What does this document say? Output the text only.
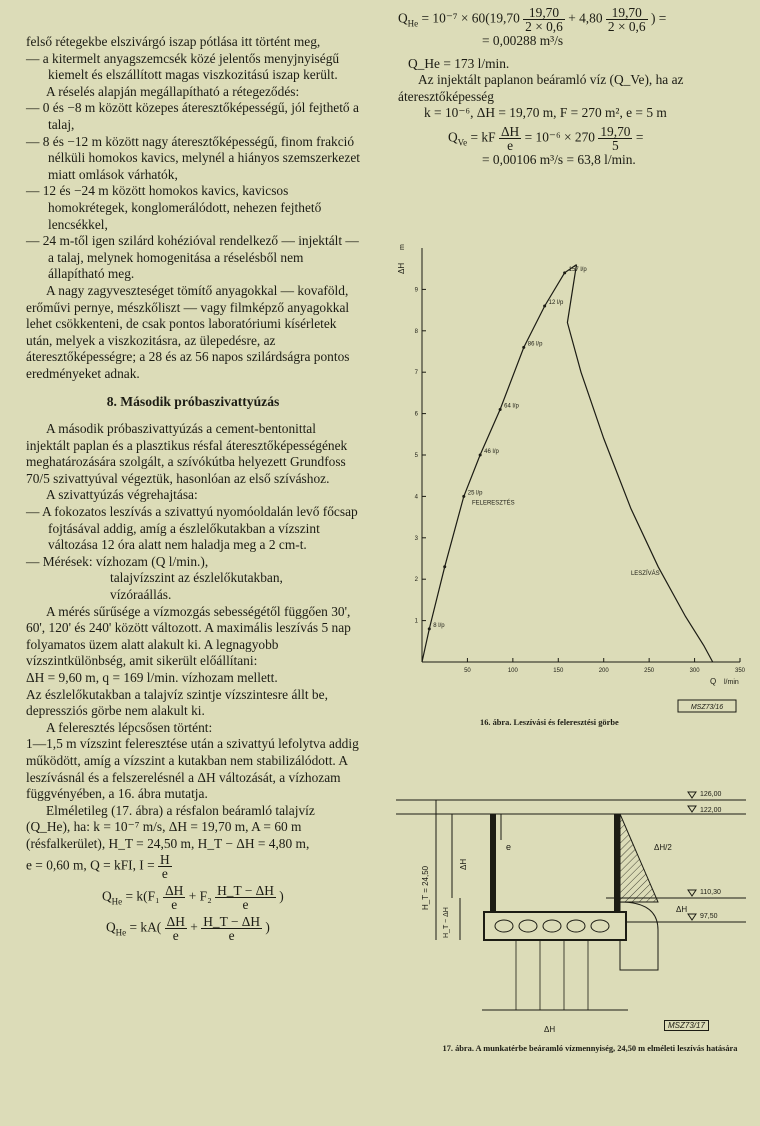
felső rétegekbe elszivárgó iszap pótlása itt történt meg,

— a kitermelt anyagszemcsék közé jelentős menyjnyiségű kiemelt és elszállított magas viszkozitású iszap került.

A réselés alapján megállapítható a rétegeződés:

— 0 és −8 m között közepes áteresztőképességű, jól fejthető a talaj,

— 8 és −12 m között nagy áteresztőképességű, finom frakció nélküli homokos kavics, melynél a hiányos szemszerkezet miatt omlások várhatók,

— 12 és −24 m között homokos kavics, kavicsos homokrétegek, konglomerálódott, nehezen fejthető lencsékkel,

— 24 m-től igen szilárd kohézióval rendelkező — injektált — a talaj, melynek homogenitása a réselésből nem állapítható meg.

A nagy zagyveszteséget tömítő anyagokkal — kovaföld, erőművi pernye, mészkőliszt — vagy filmképző anyagokkal lehet csökkenteni, de csak pontos laboratóriumi kísérletek után, melyek a viszkozitásra, az ülepedésre, az áteresztőképességre; a 28 és az 56 napos szilárdságra pontos eredményeket adnak.

8. Második próbaszivattyúzás

A második próbaszivattyúzás a cement-bentonittal injektált paplan és a plasztikus résfal áteresztőképességének meghatározására szolgált, a szívókútba helyezett Grundfoss 70/5 szivattyúval végeztük, hasonlóan az első szíváshoz.

A szivattyúzás végrehajtása:

— A fokozatos leszívás a szivattyú nyomóoldalán levő főcsap fojtásával addig, amíg a észlelőkutakban a vízszint változása 12 óra alatt nem haladja meg a 2 cm-t.

— Mérések: vízhozam (Q l/min.),

talajvízszint az észlelőkutakban,

vízóraállás.

A mérés sűrűsége a vízmozgás sebességétől függően 30', 60', 120' és 240' között változott. A maximális leszívás 5 nap folyamatos üzem alatt alakult ki. A legnagyobb vízszintkülönbség, amit sikerült előállítani:

ΔH = 9,60 m, q = 169 l/min. vízhozam mellett.

Az észlelőkutakban a talajvíz szintje vízszintesre állt be, depressziós görbe nem alakult ki.

A feleresztés lépcsősen történt:

1—1,5 m vízszint feleresztése után a szivattyú lefolytva addig működött, amíg a vízszint a kutakban nem stabilizálódott. A leszívásnál és a felszerelésnél a ΔH változását, a vízhozam függvényében, a 16. ábra mutatja.

Elméletileg (17. ábra) a résfalon beáramló talajvíz (Q_He), ha: k = 10⁻⁷ m/s, ΔH = 19,70 m, A = 60 m (résfalkerület), H_T = 24,50 m, H_T − ΔH = 4,80 m,

e = 0,60 m, Q = kFI, $I = \frac{H}{e}$

$Q_{He} = k(F_1 \frac{\Delta H}{e} + F_2 \frac{H\_T - \Delta H}{e}$ )

$Q_{He} = kA( \frac{\Delta H}{e} + \frac{H\_T - \Delta H}{e}$ )

$Q_{He} = 10^{-7} \times 60(19,70 \frac{19,70}{2 \times 0,6} + 4,80 \frac{19,70}{2 \times 0,6}$ ) =

= 0,00288 m³/s

Q_He = 173 l/min.

Az injektált paplanon beáramló víz (Q_Ve), ha az áteresztőképesség

k = 10⁻⁶, ΔH = 19,70 m, F = 270 m², e = 5 m

$Q_{Ve}$ = kF $\frac{\Delta H}{e} = 10^{-6} \times 270 \frac{19,70}{5}$ =

= 0,00106 m³/s = 63,8 l/min.

50	100	150	200	250	300	350
1
2
3
4
5
6
7
8
9
ΔH
m
Q l/min
157 l/p
12 l/p
86 l/p
64 l/p
46 l/p
25 l/p
8 l/p
FELERESZTÉS
LESZÍVÁS
MSZ73/16
16. ábra. Leszívási és feleresztési görbe
126,00
122,00
110,30
97,50
e
ΔH
ΔH/2
ΔH
ΔH
H_T = 24,50
H_T − ΔH
MSZ73/17
17. ábra. A munkatérbe beáramló vízmennyiség, 24,50 m elméleti leszívás hatására
